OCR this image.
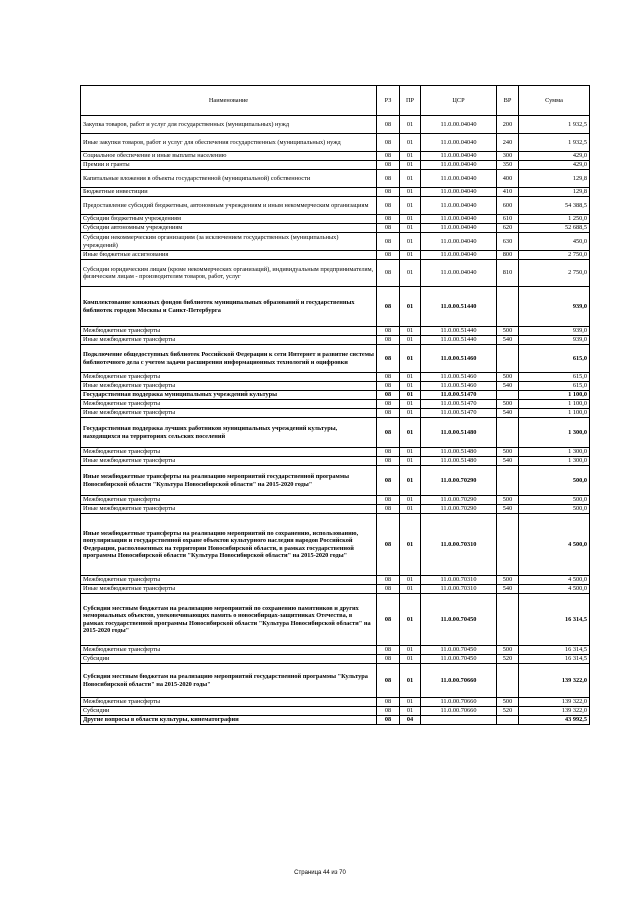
Наименование	РЗ	ПР	ЦСР	ВР	Сумма
Закупка товаров, работ и услуг для государственных (муниципальных) нужд	08	01	11.0.00.04040	200	1 932,5
Иные закупки товаров, работ и услуг для обеспечения государственных (муниципальных) нужд	08	01	11.0.00.04040	240	1 932,5
Социальное обеспечение и иные выплаты населению	08	01	11.0.00.04040	300	429,0
Премии и гранты	08	01	11.0.00.04040	350	429,0
Капитальные вложения в объекты государственной (муниципальной) собственности	08	01	11.0.00.04040	400	129,8
Бюджетные инвестиции	08	01	11.0.00.04040	410	129,8
Предоставление субсидий бюджетным, автономным учреждениям и иным некоммерческим организациям	08	01	11.0.00.04040	600	54 388,5
Субсидии бюджетным учреждениям	08	01	11.0.00.04040	610	1 250,0
Субсидии автономным учреждениям	08	01	11.0.00.04040	620	52 688,5
Субсидии некоммерческим организациям (за исключением государственных (муниципальных) учреждений)	08	01	11.0.00.04040	630	450,0
Иные бюджетные ассигнования	08	01	11.0.00.04040	800	2 750,0
Субсидии юридическим лицам (кроме некоммерческих организаций), индивидуальным предпринимателям, физическим лицам - производителям товаров, работ, услуг	08	01	11.0.00.04040	810	2 750,0
Комплектование книжных фондов библиотек муниципальных образований и государственных библиотек городов Москвы и Санкт-Петербурга	08	01	11.0.00.51440		939,0
Межбюджетные трансферты	08	01	11.0.00.51440	500	939,0
Иные межбюджетные трансферты	08	01	11.0.00.51440	540	939,0
Подключение общедоступных библиотек Российской Федерации к сети Интернет и развитие системы библиотечного дела с учетом задачи расширения информационных технологий и оцифровки	08	01	11.0.00.51460		615,0
Межбюджетные трансферты	08	01	11.0.00.51460	500	615,0
Иные межбюджетные трансферты	08	01	11.0.00.51460	540	615,0
Государственная поддержка муниципальных учреждений культуры	08	01	11.0.00.51470		1 100,0
Межбюджетные трансферты	08	01	11.0.00.51470	500	1 100,0
Иные межбюджетные трансферты	08	01	11.0.00.51470	540	1 100,0
Государственная поддержка лучших работников муниципальных учреждений культуры, находящихся на территориях сельских поселений	08	01	11.0.00.51480		1 300,0
Межбюджетные трансферты	08	01	11.0.00.51480	500	1 300,0
Иные межбюджетные трансферты	08	01	11.0.00.51480	540	1 300,0
Иные межбюджетные трансферты на реализацию мероприятий государственной программы Новосибирской области "Культура Новосибирской области" на 2015-2020 годы"	08	01	11.0.00.70290		500,0
Межбюджетные трансферты	08	01	11.0.00.70290	500	500,0
Иные межбюджетные трансферты	08	01	11.0.00.70290	540	500,0
Иные межбюджетные трансферты на реализацию мероприятий по сохранению, использованию, популяризации и государственной охране объектов культурного наследия народов Российской Федерации, расположенных на территории Новосибирской области, в рамках государственной программы Новосибирской области "Культура Новосибирской области" на 2015-2020 годы"	08	01	11.0.00.70310		4 500,0
Межбюджетные трансферты	08	01	11.0.00.70310	500	4 500,0
Иные межбюджетные трансферты	08	01	11.0.00.70310	540	4 500,0
Субсидии местным бюджетам на реализацию мероприятий по сохранению памятников и других мемориальных объектов, увековечивающих память о новосибирцах-защитниках Отечества, в рамках государственной программы Новосибирской области "Культура Новосибирской области" на 2015-2020 годы"	08	01	11.0.00.70450		16 314,5
Межбюджетные трансферты	08	01	11.0.00.70450	500	16 314,5
Субсидии	08	01	11.0.00.70450	520	16 314,5
Субсидии местным бюджетам на реализацию мероприятий государственной программы "Культура Новосибирской области" на 2015-2020 годы"	08	01	11.0.00.70660		139 322,0
Межбюджетные трансферты	08	01	11.0.00.70660	500	139 322,0
Субсидии	08	01	11.0.00.70660	520	139 322,0
Другие вопросы в области культуры, кинематографии	08	04			43 992,5
Страница 44 из 70
